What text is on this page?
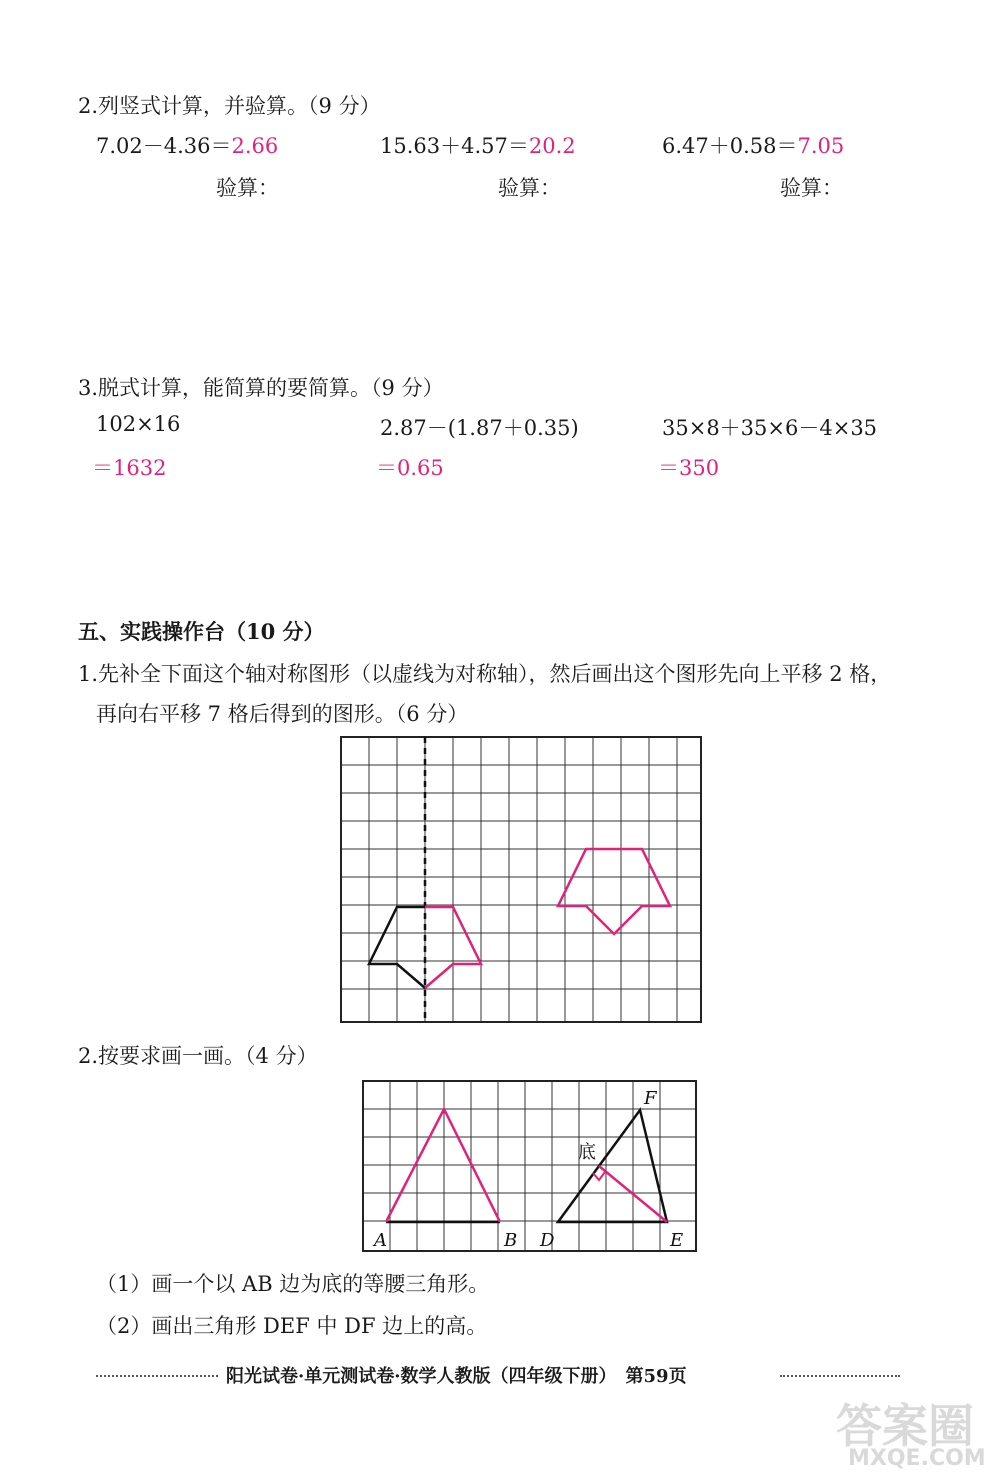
2.列竖式计算，并验算。（9 分）
7.02－4.36＝2.66	15.63＋4.57＝20.2	6.47＋0.58＝7.05
验算：	验算：	验算：
3.脱式计算，能简算的要简算。（9 分）
102×16	2.87－(1.87＋0.35)	35×8＋35×6－4×35
＝1632	＝0.65	＝350
五、实践操作台（10 分）
1.先补全下面这个轴对称图形（以虚线为对称轴），然后画出这个图形先向上平移 2 格，
再向右平移 7 格后得到的图形。（6 分）
2.按要求画一画。（4 分）
A	B D	E
F
底
（1）画一个以 AB 边为底的等腰三角形。
（2）画出三角形 DEF 中 DF 边上的高。
阳光试卷·单元测试卷·数学人教版（四年级下册）　第59页
答案圈
MXQE.COM
